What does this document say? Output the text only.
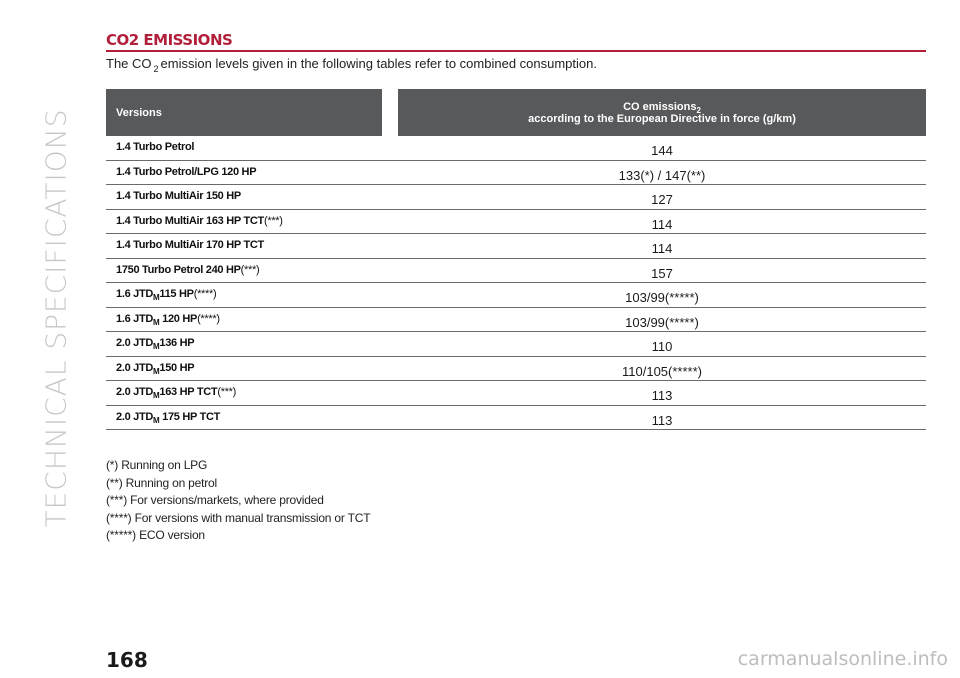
TECHNICAL SPECIFICATIONS
CO2 EMISSIONS
The CO $_2$ emission levels given in the following tables refer to combined consumption.
Versions	CO emissions$_2$
according to the European Directive in force (g/km)
1.4 Turbo Petrol	144
1.4 Turbo Petrol/LPG 120 HP	133(*) / 147(**)
1.4 Turbo MultiAir 150 HP	127
1.4 Turbo MultiAir 163 HP TCT(***)	114
1.4 Turbo MultiAir 170 HP TCT	114
1750 Turbo Petrol 240 HP(***)	157
1.6 $JTD_M115$ HP(****)	103/99(*****)
1.6 $JTD_M$ 120 HP(****)	103/99(*****)
2.0 $JTD_M136$ HP	110
2.0 $JTD_M150$ HP	110/105(*****)
2.0 $JTD_M163$ HP TCT(***)	113
2.0 $JTD_M$ 175 HP TCT	113
(*) Running on LPG
(**) Running on petrol
(***) For versions/markets, where provided
(****) For versions with manual transmission or TCT
(*****) ECO version
168	carmanualsonline.info
